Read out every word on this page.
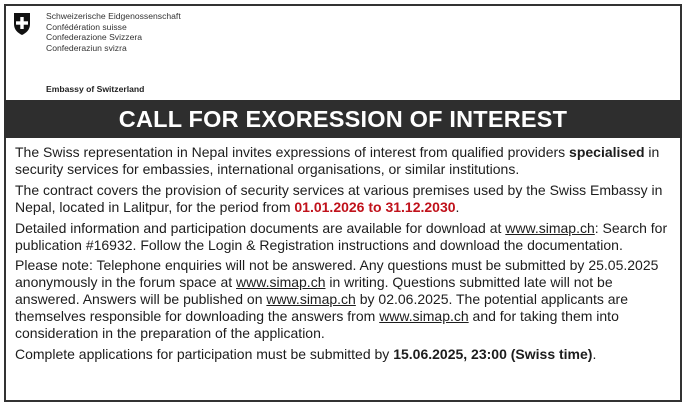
Schweizerische Eidgenossenschaft
Confédération suisse
Confederazione Svizzera
Confederaziun svizra
Embassy of Switzerland
CALL FOR EXORESSION OF INTEREST

The Swiss representation in Nepal invites expressions of interest from qualified providers specialised in security services for embassies, international organisations, or similar institutions.

The contract covers the provision of security services at various premises used by the Swiss Embassy in Nepal, located in Lalitpur, for the period from 01.01.2026 to 31.12.2030.

Detailed information and participation documents are available for download at www.simap.ch: Search for publication #16932. Follow the Login & Registration instructions and download the documentation.

Please note: Telephone enquiries will not be answered. Any questions must be submitted by 25.05.2025 anonymously in the forum space at www.simap.ch in writing. Questions submitted late will not be answered. Answers will be published on www.simap.ch by 02.06.2025. The potential applicants are themselves responsible for downloading the answers from www.simap.ch and for taking them into consideration in the preparation of the application.

Complete applications for participation must be submitted by 15.06.2025, 23:00 (Swiss time).
